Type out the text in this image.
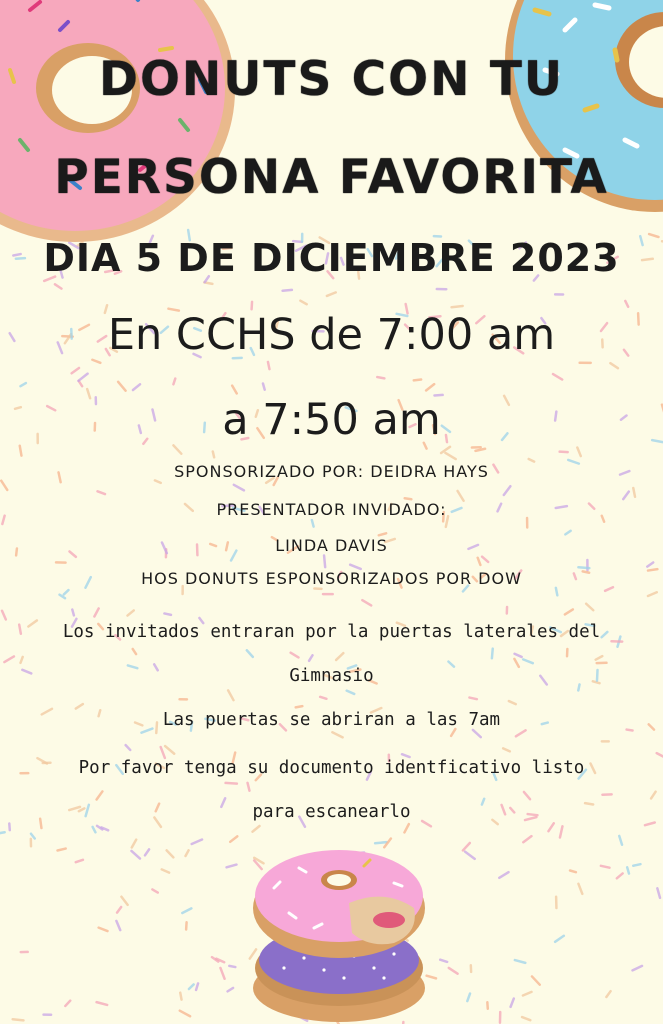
DONUTS CON TU
PERSONA FAVORITA
DIA 5 DE DICIEMBRE 2023
En CCHS de 7:00 am
a 7:50 am
SPONSORIZADO POR: DEIDRA HAYS
PRESENTADOR INVIDADO:
LINDA DAVIS
HOS DONUTS ESPONSORIZADOS POR DOW
Los invitados entraran por la puertas laterales del
Gimnasio
Las puertas se abriran a las 7am
Por favor tenga su documento identficativo listo
para escanearlo
